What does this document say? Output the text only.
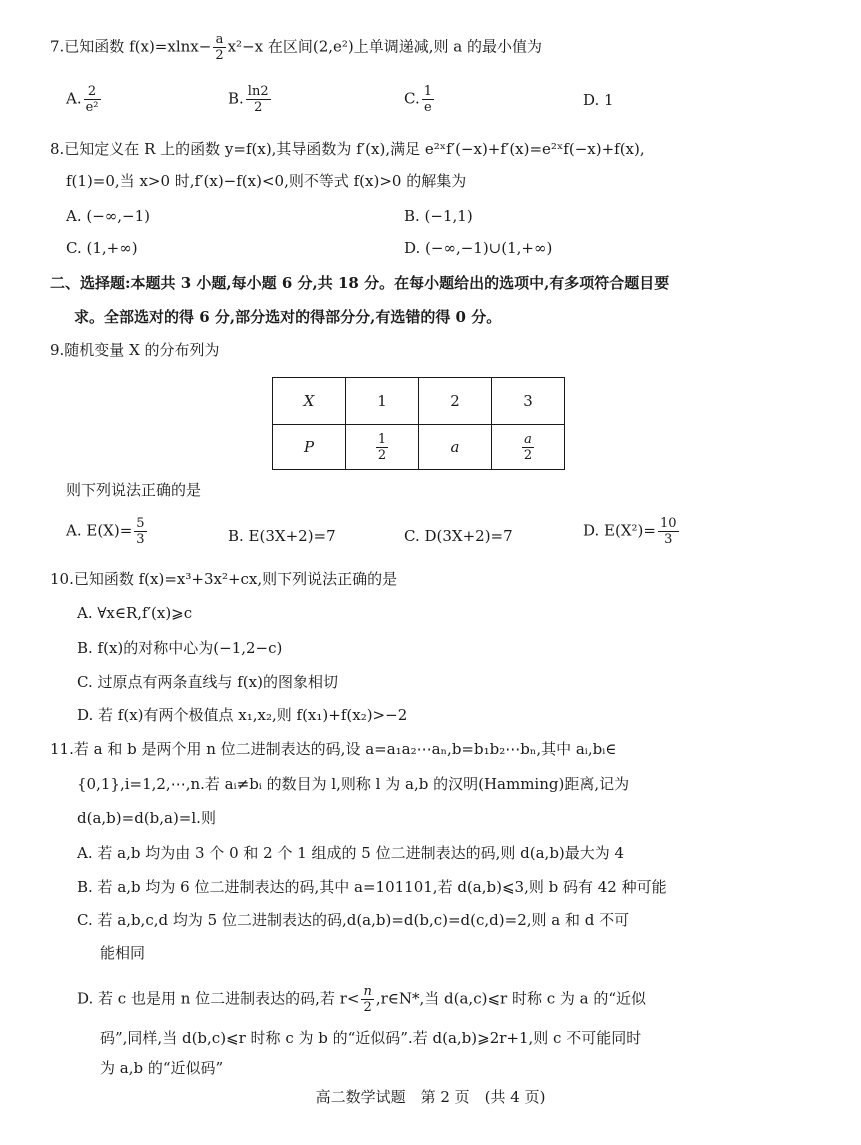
7.已知函数 $f(x)=xlnx- \frac{a}{2} x^2-x$ 在区间(2,e²)上单调递减,则 a 的最小值为
A. $\frac{2}{\text{e²}}$	B. $\frac{\ln 2}{2}$	C. $\frac{1}{e}$	D. 1
8.已知定义在 R 上的函数 y=f(x),其导函数为 f′(x),满足 e²ˣf′(−x)+f′(x)=e²ˣf(−x)+f(x),
f(1)=0,当 x>0 时,f′(x)−f(x)<0,则不等式 f(x)>0 的解集为
A. (−∞,−1)	B. (−1,1)
C. (1,+∞)	D. (−∞,−1)∪(1,+∞)
二、选择题:本题共 3 小题,每小题 6 分,共 18 分。在每小题给出的选项中,有多项符合题目要
求。全部选对的得 6 分,部分选对的得部分分,有选错的得 0 分。
9.随机变量 X 的分布列为
X	1	2	3
P	$\frac{1}{2}$	a	$\frac{a}{2}$
则下列说法正确的是
A. $E(X)= \frac{5}{3}$	B. E(3X+2)=7	C. D(3X+2)=7	D. $E(X^2)= \frac{10}{3}$
10.已知函数 f(x)=x³+3x²+cx,则下列说法正确的是
A. ∀x∈R,f′(x)⩾c
B. f(x)的对称中心为(−1,2−c)
C. 过原点有两条直线与 f(x)的图象相切
D. 若 f(x)有两个极值点 x₁,x₂,则 f(x₁)+f(x₂)>−2
11.若 a 和 b 是两个用 n 位二进制表达的码,设 a=a₁a₂⋯aₙ,b=b₁b₂⋯bₙ,其中 aᵢ,bᵢ∈
{0,1},i=1,2,⋯,n.若 aᵢ≠bᵢ 的数目为 l,则称 l 为 a,b 的汉明(Hamming)距离,记为
d(a,b)=d(b,a)=l.则
A. 若 a,b 均为由 3 个 0 和 2 个 1 组成的 5 位二进制表达的码,则 d(a,b)最大为 4
B. 若 a,b 均为 6 位二进制表达的码,其中 a=101101,若 d(a,b)⩽3,则 b 码有 42 种可能
C. 若 a,b,c,d 均为 5 位二进制表达的码,d(a,b)=d(b,c)=d(c,d)=2,则 a 和 d 不可
能相同
D. 若 c 也是用 n 位二进制表达的码,若 $r< \frac{n}{2}$ ,r∈N*,当 d(a,c)⩽r 时称 c 为 a 的“近似
码”,同样,当 d(b,c)⩽r 时称 c 为 b 的“近似码”.若 d(a,b)⩾2r+1,则 c 不可能同时
为 a,b 的“近似码”
高二数学试题　第 2 页　(共 4 页)
